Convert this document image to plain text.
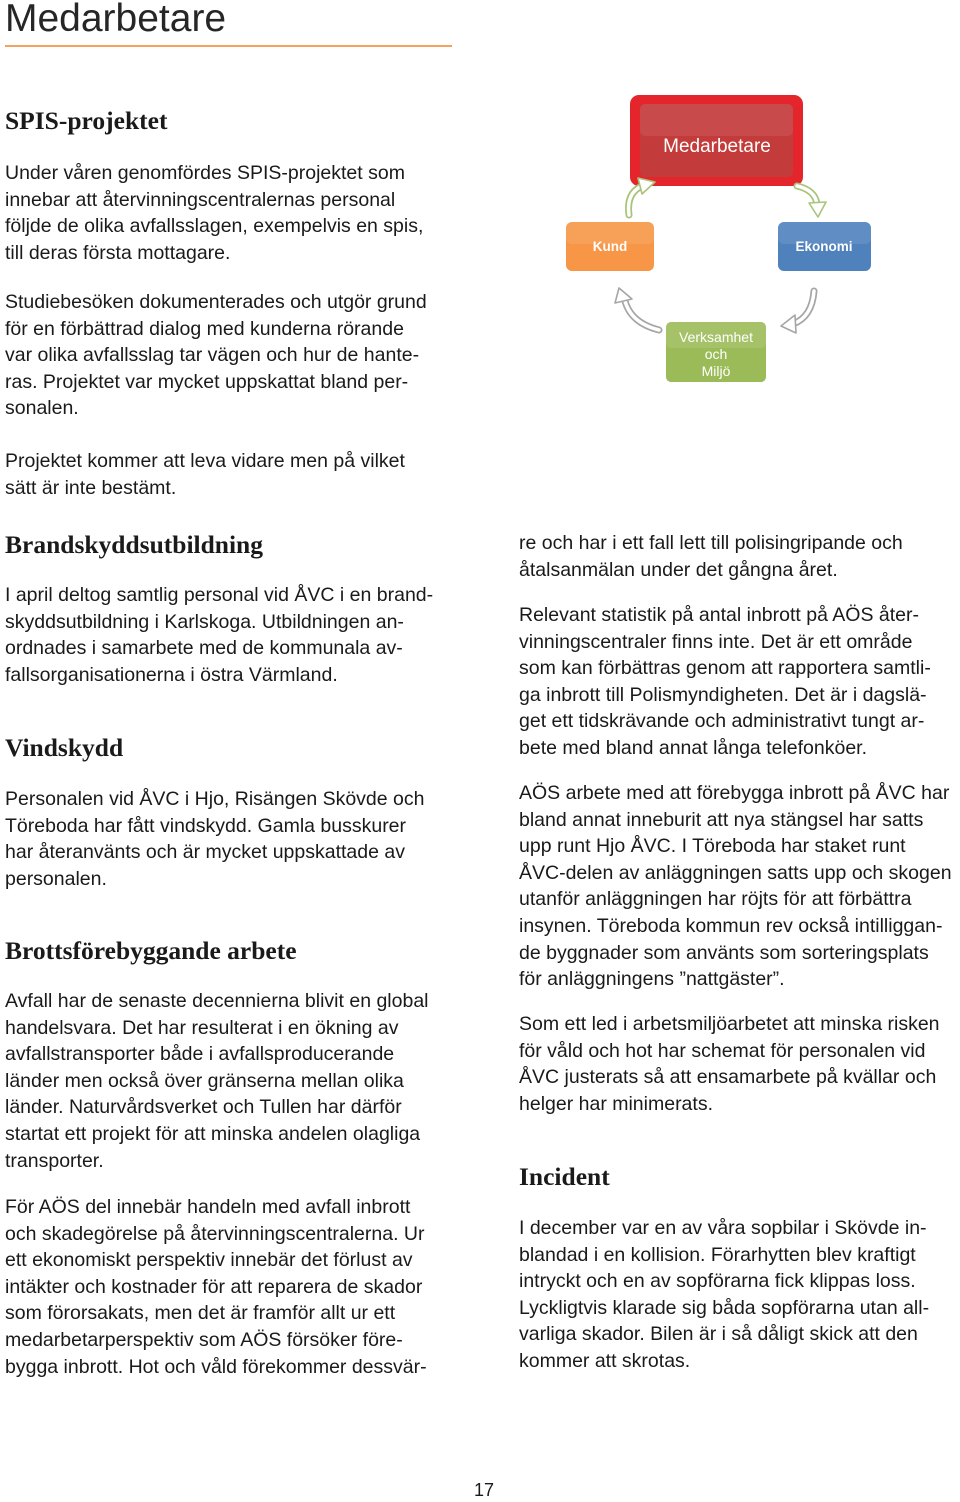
Medarbetare
Medarbetare
Kund	Ekonomi
Verksamhet
och
Miljö
SPIS-projektet
Under våren genomfördes SPIS-projektet som
innebar att återvinningscentralernas personal
följde de olika avfallsslagen, exempelvis en spis,
till deras första mottagare.
Studiebesöken dokumenterades och utgör grund
för en förbättrad dialog med kunderna rörande
var olika avfallsslag tar vägen och hur de hante-
ras. Projektet var mycket uppskattat bland per-
sonalen.
Projektet kommer att leva vidare men på vilket
sätt är inte bestämt.
Brandskyddsutbildning
I april deltog samtlig personal vid ÅVC i en brand-
skyddsutbildning i Karlskoga. Utbildningen an-
ordnades i samarbete med de kommunala av-
fallsorganisationerna i östra Värmland.
Vindskydd
Personalen vid ÅVC i Hjo, Risängen Skövde och
Töreboda har fått vindskydd. Gamla busskurer
har återanvänts och är mycket uppskattade av
personalen.
Brottsförebyggande arbete
Avfall har de senaste decennierna blivit en global
handelsvara. Det har resulterat i en ökning av
avfallstransporter både i avfallsproducerande
länder men också över gränserna mellan olika
länder. Naturvårdsverket och Tullen har därför
startat ett projekt för att minska andelen olagliga
transporter.
För AÖS del innebär handeln med avfall inbrott
och skadegörelse på återvinningscentralerna. Ur
ett ekonomiskt perspektiv innebär det förlust av
intäkter och kostnader för att reparera de skador
som förorsakats, men det är framför allt ur ett
medarbetarperspektiv som AÖS försöker före-
bygga inbrott. Hot och våld förekommer dessvär-
re och har i ett fall lett till polisingripande och
åtalsanmälan under det gångna året.
Relevant statistik på antal inbrott på AÖS åter-
vinningscentraler finns inte. Det är ett område
som kan förbättras genom att rapportera samtli-
ga inbrott till Polismyndigheten. Det är i dagslä-
get ett tidskrävande och administrativt tungt ar-
bete med bland annat långa telefonköer.
AÖS arbete med att förebygga inbrott på ÅVC har
bland annat inneburit att nya stängsel har satts
upp runt Hjo ÅVC. I Töreboda har staket runt
ÅVC-delen av anläggningen satts upp och skogen
utanför anläggningen har röjts för att förbättra
insynen. Töreboda kommun rev också intilliggan-
de byggnader som använts som sorteringsplats
för anläggningens ”nattgäster”.
Som ett led i arbetsmiljöarbetet att minska risken
för våld och hot har schemat för personalen vid
ÅVC justerats så att ensamarbete på kvällar och
helger har minimerats.
Incident
I december var en av våra sopbilar i Skövde in-
blandad i en kollision. Förarhytten blev kraftigt
intryckt och en av sopförarna fick klippas loss.
Lyckligtvis klarade sig båda sopförarna utan all-
varliga skador. Bilen är i så dåligt skick att den
kommer att skrotas.
17
